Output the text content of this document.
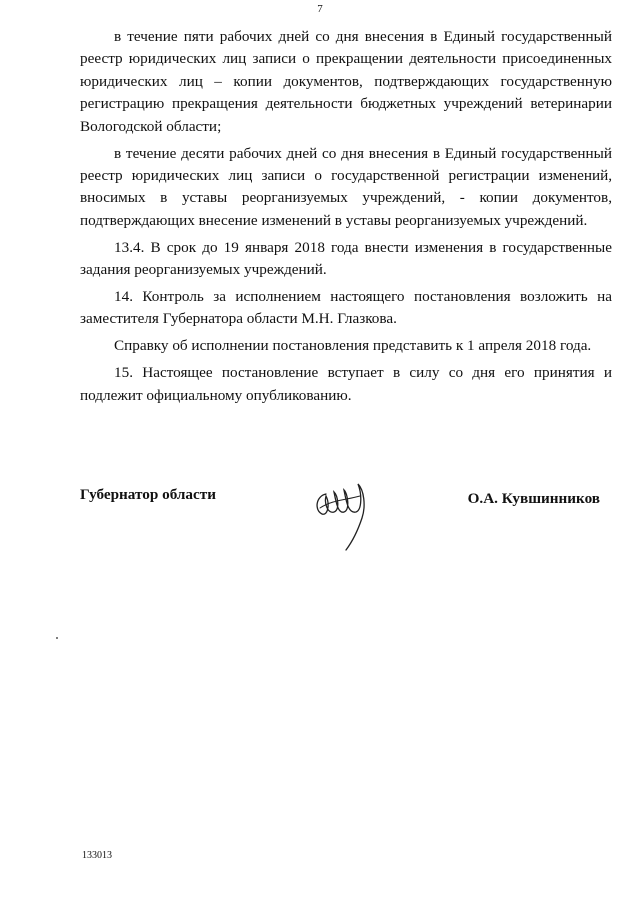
7

в течение пяти рабочих дней со дня внесения в Единый государственный реестр юридических лиц записи о прекращении деятельности присоединенных юридических лиц – копии документов, подтверждающих государственную регистрацию прекращения деятельности бюджетных учреждений ветеринарии Вологодской области;

в течение десяти рабочих дней со дня внесения в Единый государственный реестр юридических лиц записи о государственной регистрации изменений, вносимых в уставы реорганизуемых учреждений, - копии документов, подтверждающих внесение изменений в уставы реорганизуемых учреждений.

13.4. В срок до 19 января 2018 года внести изменения в государственные задания реорганизуемых учреждений.

14. Контроль за исполнением настоящего постановления возложить на заместителя Губернатора области М.Н. Глазкова.

Справку об исполнении постановления представить к 1 апреля 2018 года.

15. Настоящее постановление вступает в силу со дня его принятия и подлежит официальному опубликованию.

Губернатор области	О.А. Кувшинников
133013
